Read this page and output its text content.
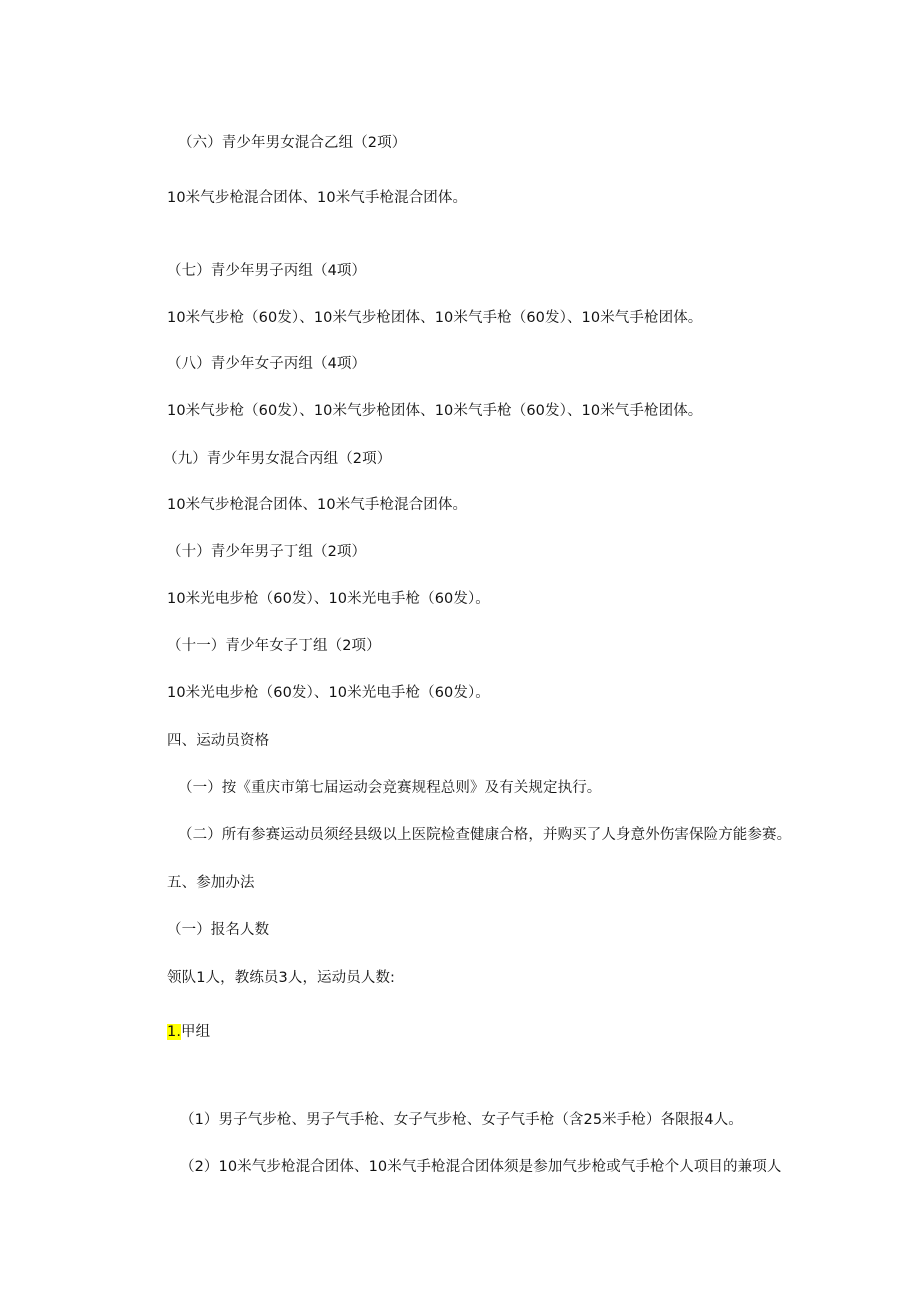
（六）青少年男女混合乙组（2项）
10米气步枪混合团体、10米气手枪混合团体。
（七）青少年男子丙组（4项）
10米气步枪（60发）、10米气步枪团体、10米气手枪（60发）、10米气手枪团体。
（八）青少年女子丙组（4项）
10米气步枪（60发）、10米气步枪团体、10米气手枪（60发）、10米气手枪团体。
（九）青少年男女混合丙组（2项）
10米气步枪混合团体、10米气手枪混合团体。
（十）青少年男子丁组（2项）
10米光电步枪（60发）、10米光电手枪（60发）。
（十一）青少年女子丁组（2项）
10米光电步枪（60发）、10米光电手枪（60发）。
四、运动员资格
（一）按《重庆市第七届运动会竞赛规程总则》及有关规定执行。
（二）所有参赛运动员须经县级以上医院检查健康合格，并购买了人身意外伤害保险方能参赛。
五、参加办法
（一）报名人数
领队1人，教练员3人，运动员人数:
1.甲组
（1）男子气步枪、男子气手枪、女子气步枪、女子气手枪（含25米手枪）各限报4人。
（2）10米气步枪混合团体、10米气手枪混合团体须是参加气步枪或气手枪个人项目的兼项人
